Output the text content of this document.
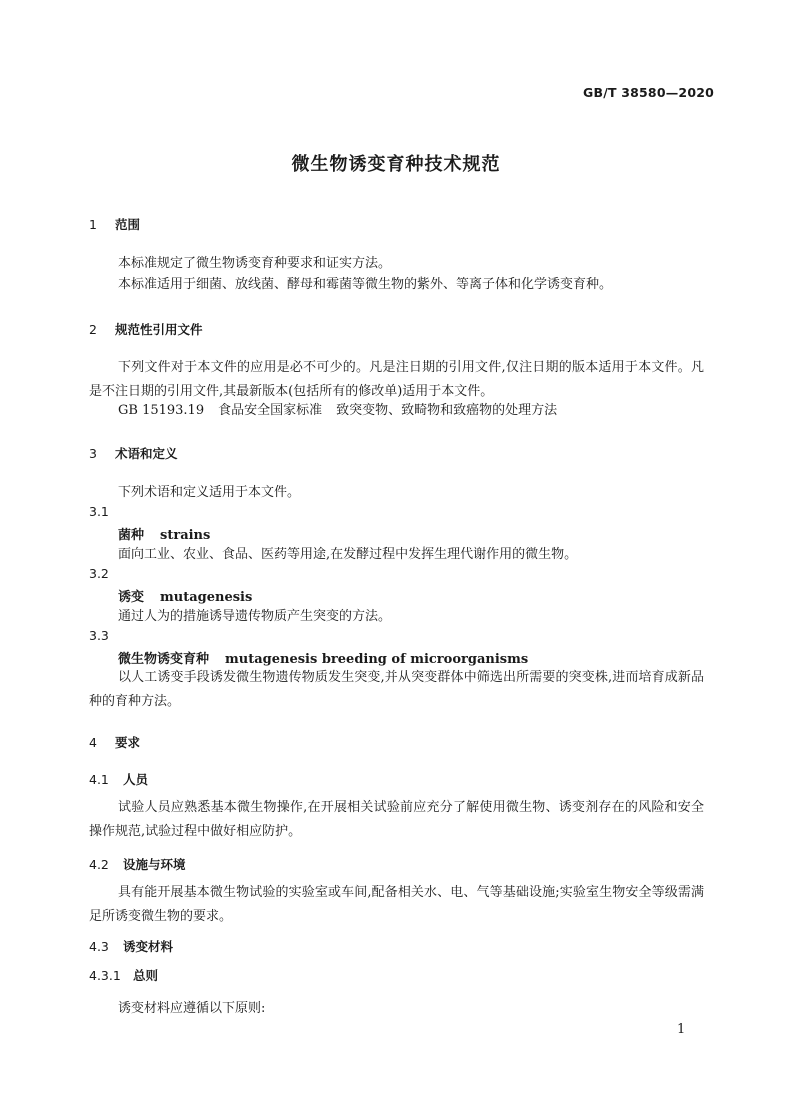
GB/T 38580—2020
微生物诱变育种技术规范
1 范围
本标准规定了微生物诱变育种要求和证实方法。
本标准适用于细菌、放线菌、酵母和霉菌等微生物的紫外、等离子体和化学诱变育种。
2 规范性引用文件
下列文件对于本文件的应用是必不可少的。凡是注日期的引用文件,仅注日期的版本适用于本文件。凡是不注日期的引用文件,其最新版本(包括所有的修改单)适用于本文件。
GB 15193.19 食品安全国家标准 致突变物、致畸物和致癌物的处理方法
3 术语和定义
下列术语和定义适用于本文件。
3.1
菌种 strains
面向工业、农业、食品、医药等用途,在发酵过程中发挥生理代谢作用的微生物。
3.2
诱变 mutagenesis
通过人为的措施诱导遗传物质产生突变的方法。
3.3
微生物诱变育种 mutagenesis breeding of microorganisms
以人工诱变手段诱发微生物遗传物质发生突变,并从突变群体中筛选出所需要的突变株,进而培育成新品种的育种方法。
4 要求
4.1 人员
试验人员应熟悉基本微生物操作,在开展相关试验前应充分了解使用微生物、诱变剂存在的风险和安全操作规范,试验过程中做好相应防护。
4.2 设施与环境
具有能开展基本微生物试验的实验室或车间,配备相关水、电、气等基础设施;实验室生物安全等级需满足所诱变微生物的要求。
4.3 诱变材料
4.3.1 总则
诱变材料应遵循以下原则:
1
